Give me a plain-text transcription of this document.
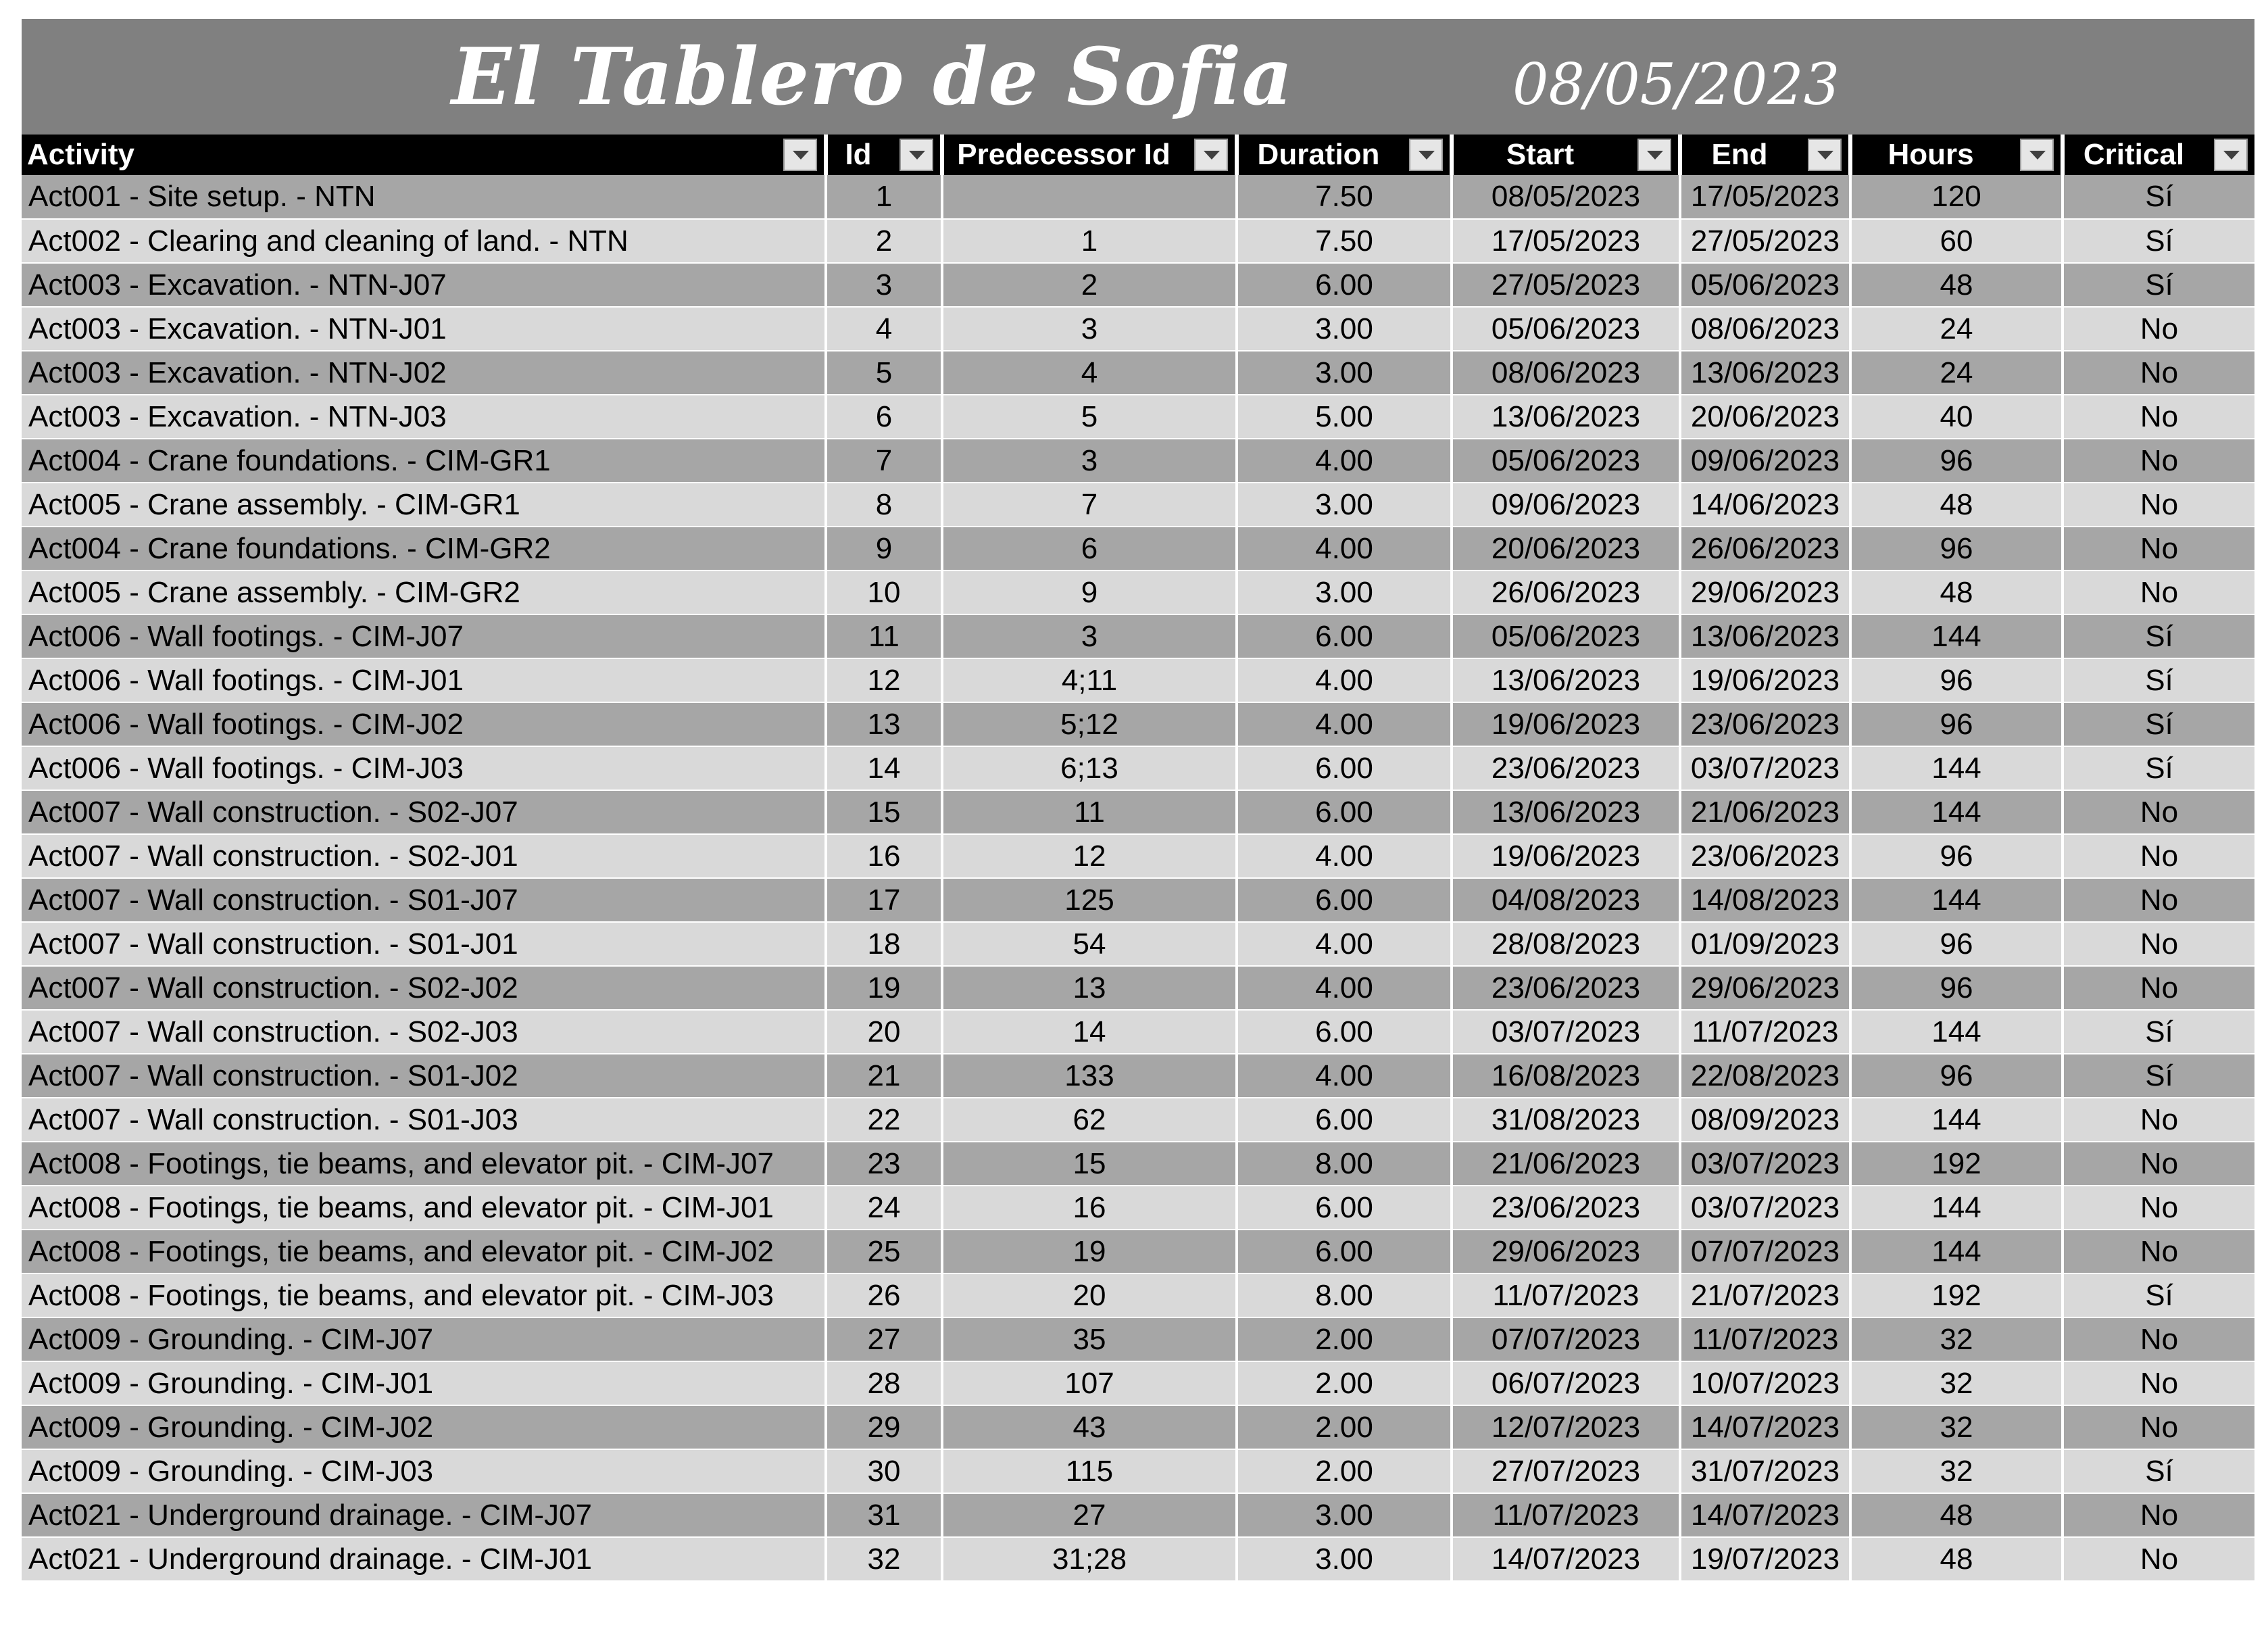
El Tablero de Sofia	08/05/2023
Activity	Id	Predecessor Id	Duration	Start	End	Hours	Critical

Act001 - Site setup. - NTN	1		7.50	08/05/2023	17/05/2023	120	Sí
Act002 - Clearing and cleaning of land. - NTN	2	1	7.50	17/05/2023	27/05/2023	60	Sí
Act003 - Excavation. - NTN-J07	3	2	6.00	27/05/2023	05/06/2023	48	Sí
Act003 - Excavation. - NTN-J01	4	3	3.00	05/06/2023	08/06/2023	24	No
Act003 - Excavation. - NTN-J02	5	4	3.00	08/06/2023	13/06/2023	24	No
Act003 - Excavation. - NTN-J03	6	5	5.00	13/06/2023	20/06/2023	40	No
Act004 - Crane foundations. - CIM-GR1	7	3	4.00	05/06/2023	09/06/2023	96	No
Act005 - Crane assembly. - CIM-GR1	8	7	3.00	09/06/2023	14/06/2023	48	No
Act004 - Crane foundations. - CIM-GR2	9	6	4.00	20/06/2023	26/06/2023	96	No
Act005 - Crane assembly. - CIM-GR2	10	9	3.00	26/06/2023	29/06/2023	48	No
Act006 - Wall footings. - CIM-J07	11	3	6.00	05/06/2023	13/06/2023	144	Sí
Act006 - Wall footings. - CIM-J01	12	4;11	4.00	13/06/2023	19/06/2023	96	Sí
Act006 - Wall footings. - CIM-J02	13	5;12	4.00	19/06/2023	23/06/2023	96	Sí
Act006 - Wall footings. - CIM-J03	14	6;13	6.00	23/06/2023	03/07/2023	144	Sí
Act007 - Wall construction. - S02-J07	15	11	6.00	13/06/2023	21/06/2023	144	No
Act007 - Wall construction. - S02-J01	16	12	4.00	19/06/2023	23/06/2023	96	No
Act007 - Wall construction. - S01-J07	17	125	6.00	04/08/2023	14/08/2023	144	No
Act007 - Wall construction. - S01-J01	18	54	4.00	28/08/2023	01/09/2023	96	No
Act007 - Wall construction. - S02-J02	19	13	4.00	23/06/2023	29/06/2023	96	No
Act007 - Wall construction. - S02-J03	20	14	6.00	03/07/2023	11/07/2023	144	Sí
Act007 - Wall construction. - S01-J02	21	133	4.00	16/08/2023	22/08/2023	96	Sí
Act007 - Wall construction. - S01-J03	22	62	6.00	31/08/2023	08/09/2023	144	No
Act008 - Footings, tie beams, and elevator pit. - CIM-J07	23	15	8.00	21/06/2023	03/07/2023	192	No
Act008 - Footings, tie beams, and elevator pit. - CIM-J01	24	16	6.00	23/06/2023	03/07/2023	144	No
Act008 - Footings, tie beams, and elevator pit. - CIM-J02	25	19	6.00	29/06/2023	07/07/2023	144	No
Act008 - Footings, tie beams, and elevator pit. - CIM-J03	26	20	8.00	11/07/2023	21/07/2023	192	Sí
Act009 - Grounding. - CIM-J07	27	35	2.00	07/07/2023	11/07/2023	32	No
Act009 - Grounding. - CIM-J01	28	107	2.00	06/07/2023	10/07/2023	32	No
Act009 - Grounding. - CIM-J02	29	43	2.00	12/07/2023	14/07/2023	32	No
Act009 - Grounding. - CIM-J03	30	115	2.00	27/07/2023	31/07/2023	32	Sí
Act021 - Underground drainage. - CIM-J07	31	27	3.00	11/07/2023	14/07/2023	48	No
Act021 - Underground drainage. - CIM-J01	32	31;28	3.00	14/07/2023	19/07/2023	48	No
